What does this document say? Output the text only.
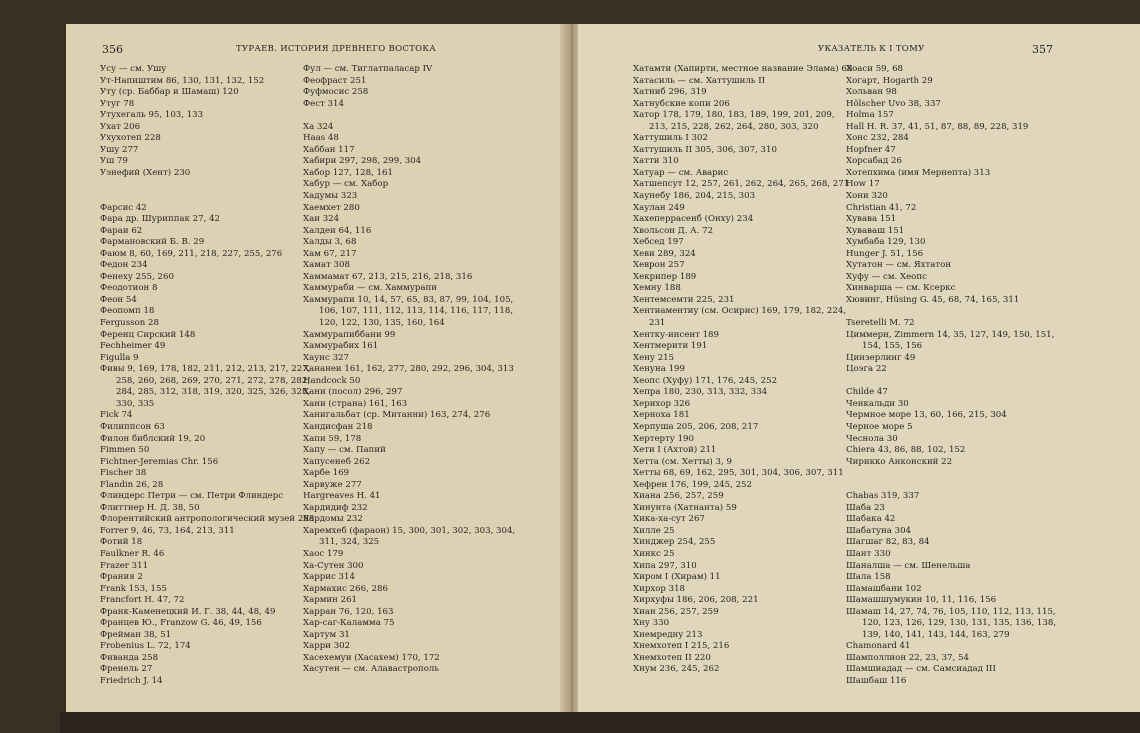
356	ТУРАЕВ. ИСТОРИЯ ДРЕВНЕГО ВОСТОКА
Усу — см. Ушу
Ут-Напиштим 86, 130, 131, 132, 152
Уту (ср. Баббар и Шамаш) 120
Утуг 78
Утухегаль 95, 103, 133
Ухат 206
Ухухотеп 228
Ушу 277
Уш 79
Уэнефий (Хент) 230
Фарсис 42
Фара др. Шуриппак 27, 42
Фараи 62
Фармановский Б. В. 29
Фаюм 8, 60, 169, 211, 218, 227, 255, 276
Федон 234
Фенеху 255, 260
Феодотион 8
Феон 54
Феопомп 18
Fergusson 28
Ференц Сирский 148
Fechheimer 49
Figulla 9
Фивы 9, 169, 178, 182, 211, 212, 213, 217, 227,
258, 260, 268, 269, 270, 271, 272, 278, 282,
284, 285, 312, 318, 319, 320, 325, 326, 328,
330, 335
Fick 74
Филиппсон 63
Филон библский 19, 20
Fimmen 50
Fichtner-Jeremias Chr. 156
Fischer 38
Flandin 26, 28
Флиндерс Петри — см. Петри Флиндерс
Флиттнер Н. Д. 38, 50
Флорентийский антропологический музей 208
Forrer 9, 46, 73, 164, 213, 311
Фотий 18
Faulkner R. 46
Frazer 311
Франия 2
Frank 153, 155
Francfort H. 47, 72
Франк-Каменецкий И. Г. 38, 44, 48, 49
Францев Ю., Franzow G. 46, 49, 156
Фрейман 38, 51
Frobenius L. 72, 174
Фиванда 258
Френель 27
Friedrich J. 14
Фул — см. Тиглатпаласар IV
Феофраст 251
Фуфмосис 258
Фест 314
Ха 324
Haas 48
Хаббан 117
Хабири 297, 298, 299, 304
Хабор 127, 128, 161
Хабур — см. Хабор
Хадумы 323
Хаемхет 280
Хаи 324
Халдеи 64, 116
Халды 3, 68
Хам 67, 217
Хамат 308
Хаммамат 67, 213, 215, 216, 218, 316
Хаммураби — см. Хаммурапи
Хаммурапи 10, 14, 57, 65, 83, 87, 99, 104, 105,
106, 107, 111, 112, 113, 114, 116, 117, 118,
120, 122, 130, 135, 160, 164
Хаммурапиббани 99
Хаммурабих 161
Хаунс 327
Хананеи 161, 162, 277, 280, 292, 296, 304, 313
Handcock 50
Хани (посол) 296, 297
Хани (страна) 161, 163
Ханигальбат (ср. Митанни) 163, 274, 276
Хандисфан 218
Хапи 59, 178
Хапу — см. Папий
Хапусенеб 262
Харбе 169
Харвуже 277
Hargreaves H. 41
Хардидиф 232
Хардомы 232
Харемхеб (фараон) 15, 300, 301, 302, 303, 304,
311, 324, 325
Хаос 179
Ха-Сутен 300
Харрис 314
Хармахис 266, 286
Хармин 261
Харран 76, 120, 163
Хар-саг-Каламма 75
Хартум 31
Харри 302
Хасехемуи (Хасахем) 170, 172
Хасутен — см. Алавастрополь
УКАЗАТЕЛЬ К I ТОМУ	357
Хатамти (Хапирти, местное название Элама) 68
Хатасиль — см. Хаттушиль II
Хатниб 296, 319
Хатнубские копи 206
Хатор 178, 179, 180, 183, 189, 199, 201, 209,
213, 215, 228, 262, 264, 280, 303, 320
Хаттушиль I 302
Хаттушиль II 305, 306, 307, 310
Хатти 310
Хатуар — см. Аварис
Хатшепсут 12, 257, 261, 262, 264, 265, 268, 271
Хаунебу 186, 204, 215, 303
Хаулан 249
Хахеперрасенб (Онху) 234
Хвольсон Д. А. 72
Хебсед 197
Хеви 289, 324
Хеврон 257
Хекрипер 189
Хемну 188
Хентемсемти 225, 231
Хентиаментиу (см. Осирис) 169, 179, 182, 224,
231
Хентку-инсент 189
Хентмерити 191
Хену 215
Хенуна 199
Хеопс (Хуфу) 171, 176, 245, 252
Хепра 180, 230, 313, 332, 334
Херихор 326
Херноха 181
Херпуша 205, 206, 208, 217
Хертерту 190
Хети I (Ахтой) 211
Хетта (см. Хетты) 3, 9
Хетты 68, 69, 162, 295, 301, 304, 306, 307, 311
Хефрен 176, 199, 245, 252
Хиана 256, 257, 259
Хинунта (Хатнанта) 59
Хика-ха-сут 267
Хилле 25
Хинджер 254, 255
Хинкс 25
Хипа 297, 310
Хиром I (Хирам) 11
Хирхор 318
Хирхуфы 186, 206, 208, 221
Хиан 256, 257, 259
Хну 330
Хнемредну 213
Хнемхотеп I 215, 216
Хнемхотеп II 220
Хнум 236, 245, 262
Хоаси 59, 68
Хогарт, Hogarth 29
Хольван 98
Hölscher Uvo 38, 337
Holma 157
Hall H. R. 37, 41, 51, 87, 88, 89, 228, 319
Хонс 232, 284
Hopfner 47
Хорсабад 26
Хотепхима (имя Мернепта) 313
How 17
Хони 320
Christian 41, 72
Хувава 151
Хуваваш 151
Хумбаба 129, 130
Hunger J. 51, 156
Хутатон — см. Яхтатон
Хуфу — см. Хеопс
Хинварша — см. Ксеркс
Хювинг, Hüsing G. 45, 68, 74, 165, 311
Tseretelli M. 72
Циммерн, Zimmern 14, 35, 127, 149, 150, 151,
154, 155, 156
Цинзерлинг 49
Цоэга 22
Childe 47
Ченкальди 30
Чермное море 13, 60, 166, 215, 304
Черное море 5
Чеснола 30
Chiera 43, 86, 88, 102, 152
Чирикко Анконский 22
Chabas 319, 337
Шаба 23
Шабака 42
Шабатуна 304
Шагшаг 82, 83, 84
Шант 330
Шаналша — см. Шенельша
Шала 158
Шамашбани 102
Шамашшумукин 10, 11, 116, 156
Шамаш 14, 27, 74, 76, 105, 110, 112, 113, 115,
120, 123, 126, 129, 130, 131, 135, 136, 138,
139, 140, 141, 143, 144, 163, 279
Chamonard 41
Шамполлион 22, 23, 37, 54
Шамшиадад — см. Самсиадад III
Шашбаш 116
